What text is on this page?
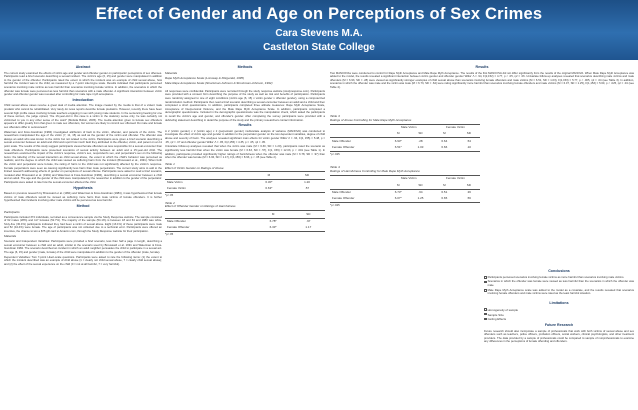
Effect of Gender and Age on Perceptions of Sex Crimes
Cara Stevens M.A.
Castleton State College
Abstract

The current study examined the effects of victim age and gender and offender gender on participants' perceptions of sex offenses. Participants read a brief scenario describing a sexual incident. The victim's age (6, 15) and gender were manipulated in addition to the gender of the offender. Participants rated the extent to which the incident was an example of child sexual abuse, how harmful the incident was to the child, as measured by a 7-point Likert-type scale. Results indicated that participants perceived scenarios involving male victims as less harmful than scenarios involving female victims. In addition, the scenarios in which the offender was female were perceived as less harmful than scenarios with a male offender. A significant interaction between victim gender and offender gender was revealed after controlling for male rape myth acceptance.

Introduction

Child sexual abuse cases receive a great deal of media attention. The image created by the media is that of a violent male predator who cannot be rehabilitated. Very rarely do news reports describe female predators. However, recently there have been several high profile cases involving female teachers engaging in sex with young male students. In the sentencing hearing for one of these women, the judge opined, "the 16-year-old in this case is a victim in the statutory sense only, he was certainly not victimized to you in any other sense of the word" (Mottola Bolton, 2005). The media attention given to female sex offenders appears to differ greatly from that given to male sex offenders, but women are likely to commit sex offenses! Do male and female sex offenders differ in seriousness?

Waterman and Foss-Goodman (1984) investigated attribution of fault to the victim, offender, and parents of the victim. The researchers manipulated the age of the victim (7, 11, 15) as well as the gender of the victim and offender. The offender was always an adult who was known to the victim but not related to the victim. Participants were given a brief scenario describing a sexual encounter between an adult and child and report how much fault they attributed to the offender, victim, and parent on an 11 point scale. The results of this study suggest participants viewed female offenders as less responsible for a sexual encounter than male offenders. Participants were presented scenarios of sexual activity between an adult and a 15-year-old child. The researchers examined the impact of the victim's response, victim's sex, respondent's sex, and perpetrator's sex on the following items: the labeling of the sexual interaction as child sexual abuse, the extent to which the child's behavior was perceived as realistic, and the degree to which the child was viewed as suffering harm from the incident (Broussard et al., 1991). When both the victim and perpetrator were female, the rating of harm to the child was not significantly affected by the victim's response. Female perpetrators were seen as causing significantly less harm than male perpetrators. The current study aims to add to the limited research addressing effects of gender on perceptions of sexual offense. Participants were asked to read a brief scenario, modeled after Broussard et al. (1991) and Waterman & Foss-Goodman (1984), describing a sexual encounter between a child and an adult. The age and the gender of the child were manipulated by the researcher in addition to the gender of the perpetrator. Participants were asked to rate how the sexual encounter affected the child.

Hypothesis

Based on previous research by Broussard et al. (1991) and Waterman & Foss-Goodman (1984), it was hypothesized that female victims of male offenders would be viewed as suffering more harm than male victims of female offenders. It is further hypothesized that incidents involving older male victims will be perceived as less harmful.

Method
Participants

Participants included 374 individuals, recruited as a convenience sample via the Study Response website. The sample consisted of 62 males (28%) and 117 females (52.7%). The majority of the sample (54.1%) is between 18 and 64 and 1980 was white. Sixty-five (30.4%) participants indicated they had been a victim of sexual abuse. Eight (13.1%) of these participants were male and 52 (44.4%) were female. The age of participants was not collected due to a technical error. Participants were offered an incentive, the chance to win a $75 gift card to Amazon.com, through the Study Response website for their participation.

Materials

Scenario and Independent Variables: Participants were provided a brief scenario, less than half a page in length, describing a sexual encounter between a child and an adult, similar to the scenario used by Broussard et al. 1991 and Waterman & Foss-Goodman 1984. The scenario described an incident in which an adult neighbor persuades the child to participate in a sexual act. The age (6, 15) and gender (male, female) of the child were manipulated in addition to the gender of the offender (male, female).

Dependent Variables: Two 7-point Likert-scale questions. Participants were asked to rate the following items: (1) the extent to which the incident described was an example of child abuse (1 = clearly not child sexual abuse, 7 = clearly child sexual abuse); and (2) the effect of the sexual experience on the child (0 = not at all harmful, 7 = very harmful).

Methods
Materials
Rape Myth Acceptance Scale (Lonsway & Fitzgerald, 1995)
Male Rape Acceptance Scale (Struckman-Johnson & Struckman-Johnson, 1992)

All responses were confidential. Participants were recruited through the study response website (studyresponse.com). Participants were provided with a consent form describing the purpose of the study as well as risk and benefits of participation. Participants were randomly assigned to one of eight conditions (victim age (6, 15) x victim gender x offender gender), using a computerized randomization method. Participants then read a brief scenario describing a sexual encounter between an adult and a child and then completed a short questionnaire. In addition, participants completed three attitude measures: Rape Myth Acceptance Scale, Acceptance of Interpersonal Violence, and the Male Rape Myth Acceptance Scale. In addition, participants completed a demographic questionnaire. Included in the demographic questionnaire was the manipulation check, which asked the participants to recall the victim's age and gender, and offender's gender. After completing the survey participants were provided with a debriefing statement describing in detail the purpose of the study and the primary researchers contact information.

Results

A 2 (victim gender) x 2 (victim age) x 2 (perpetrator gender) multivariate analysis of variance (MANOVA) was conducted to investigate the effect of victim age and gender in addition to the perpetrator gender on the two dependent variables, degree of child abuse and severity of harm. The analyses revealed significant main effects for victim gender Wilks' Λ = .94, F(2, 155) = 5.48, p = .05, η2 = .07 and offender gender Wilks' Λ = .95, F(2,155) = 4.35, p = .05, η2 = .05.

Univariate follow-up analyses revealed that when the victim was male (M = 6.30, SD = 1.20), participants rated the scenario as significantly less harmful than when the victim was female (M = 6.63, SD = .57), F(1, 156) = 12.03, p < .001 (see Table 1). In addition, participants provided significantly higher ratings of harmfulness when the offender was male (M = 6.78, SD = .97) than when the offender was female (M = 6.36, SD = 1.17), F(1,156) = 8.93, p < .05 (see Table 2).

Table 1
Effect of Victim Gender on Ratings of Abuse
	M	SD
Male Victim	6.30*	1.20
Female Victim	6.63*	.57
*p<.05
Table 2
Effect of Offender Gender on Ratings of Harmfulness
	M	SD
Male Offender	6.78*	.97
Female Offender	6.33*	1.17
*p<.05
Results

Two MANCOVAs were conducted to control for Rape Myth Acceptance and Male Rape Myth Acceptance. The results of the first MANCOVA did not differ significantly from the results of the original MANOVA. When Male Rape Myth Acceptance was added to the model, the results revealed a significant interaction between victim gender and offender gender Wilks' Λ = .94, F(2,152) = 4.77, p < .05, η2 = .06. Univariate follow-up analyses revealed that scenarios describing male victims and male offenders (M = 6.93, SD = .28) were viewed as significantly stronger examples of child sexual abuse than scenarios involving female offenders and male victims (M = 6.51, SD = 1.03), F(1,153) = 5.77, p < .005, η2 = .04 (see Table 3). In addition, scenarios in which the offender was male and the victim was male (M = 6.73, SD = .64) were rating significantly more harmful than scenarios involving female offenders and male victims (M = 6.07, SD = 1.25), F(1,153) = 5.60, p < .025, η2 = .04 (see Table 4).

Table 3
Ratings of Abuse Controlling for Male Rape Myth Acceptance
	Male Victim		Female Victim	
	M	SD	M	SD
Male Offender	6.93*	.28	6.64	.54
Female Offender	6.51*	1.03	6.66	.10
*p<.025
Table 4
Ratings of Harmfulness Controlling for Male Rape Myth Acceptance
	Male Victim		Female Victim	
	M	SD	M	SD
Male Offender	6.73*	.64	6.51	.36
Female Offender	6.07*	1.25	6.65	.56
*p<.025
Conclusions

Participants perceived scenarios involving female victims as more harmful than scenarios involving male victims.

Scenarios in which the offender was female were viewed as less harmful than the scenarios in which the offender was male.

Male Rape Myth Acceptance scale was added to the model as a covariate, and the results revealed that scenarios involving female offenders and male victims were rated as the least harmful situation.

Limitations
Homogeneity of sample
Sample Size
Ceiling Effects
Future Research

Future research should also incorporate a sample of professionals that work with both victims of sexual abuse and sex offenders such as teachers, police officers, probation officers, social workers, clinical psychologists, and other treatment providers. The data provided by a sample of professionals could be compared to sample of nonprofessionals to examine any differences in the perceptions of female offending and offenders.
